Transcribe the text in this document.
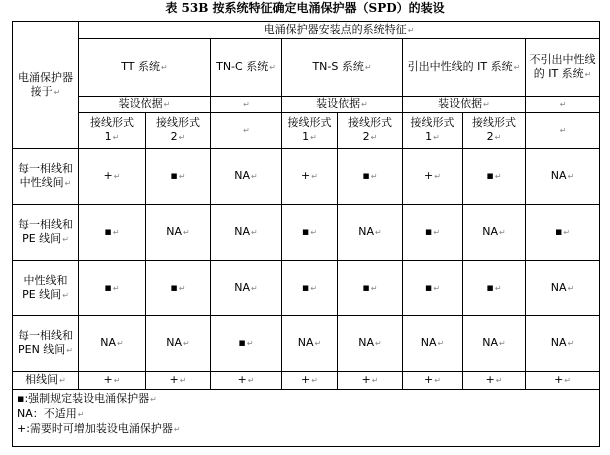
表 53B 按系统特征确定电涌保护器（SPD）的装设
电涌保护器接于↵	电涌保护器安装点的系统特征↵							
	TT 系统↵		TN-C 系统↵	TN-S 系统↵		引出中性线的 IT 系统↵		不引出中性线的 IT 系统↵
	装设依据↵		↵	装设依据↵		装设依据↵		↵
	接线形式 1↵	接线形式 2↵	↵	接线形式 1↵	接线形式 2↵	接线形式 1↵	接线形式 2↵	↵
每一相线和中性线间↵	+↵	▪↵	NA↵	+↵	▪↵	+↵	▪↵	NA↵
每一相线和 PE 线间↵	▪↵	NA↵	NA↵	▪↵	NA↵	▪↵	NA↵	▪↵
中性线和 PE 线间↵	▪↵	▪↵	NA↵	▪↵	▪↵	▪↵	▪↵	NA↵
每一相线和 PEN 线间↵	NA↵	NA↵	▪↵	NA↵	NA↵	NA↵	NA↵	NA↵
相线间↵	+↵	+↵	+↵	+↵	+↵	+↵	+↵	+↵

▪:强制规定装设电涌保护器↵
NA：不适用↵
+:需要时可增加装设电涌保护器↵								
